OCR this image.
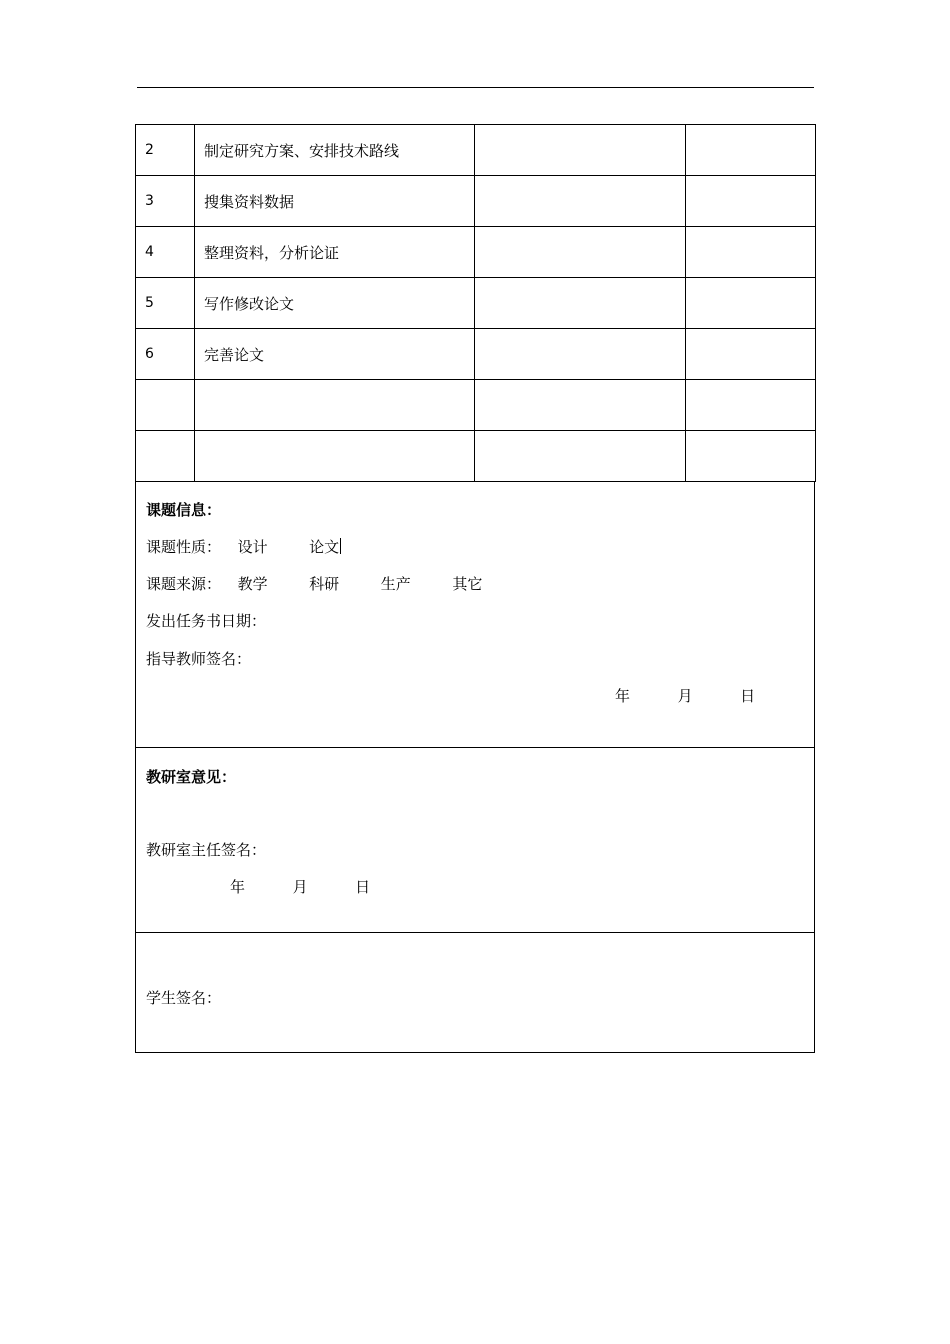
2	制定研究方案、安排技术路线		
3	搜集资料数据		
4	整理资料，分析论证		
5	写作修改论文		
6	完善论文		

课题信息：
课题性质： 设计	论文
课题来源： 教学	科研	生产	其它
发出任务书日期：
指导教师签名：
年	月	日
教研室意见：
教研室主任签名：
年	月	日
学生签名：
